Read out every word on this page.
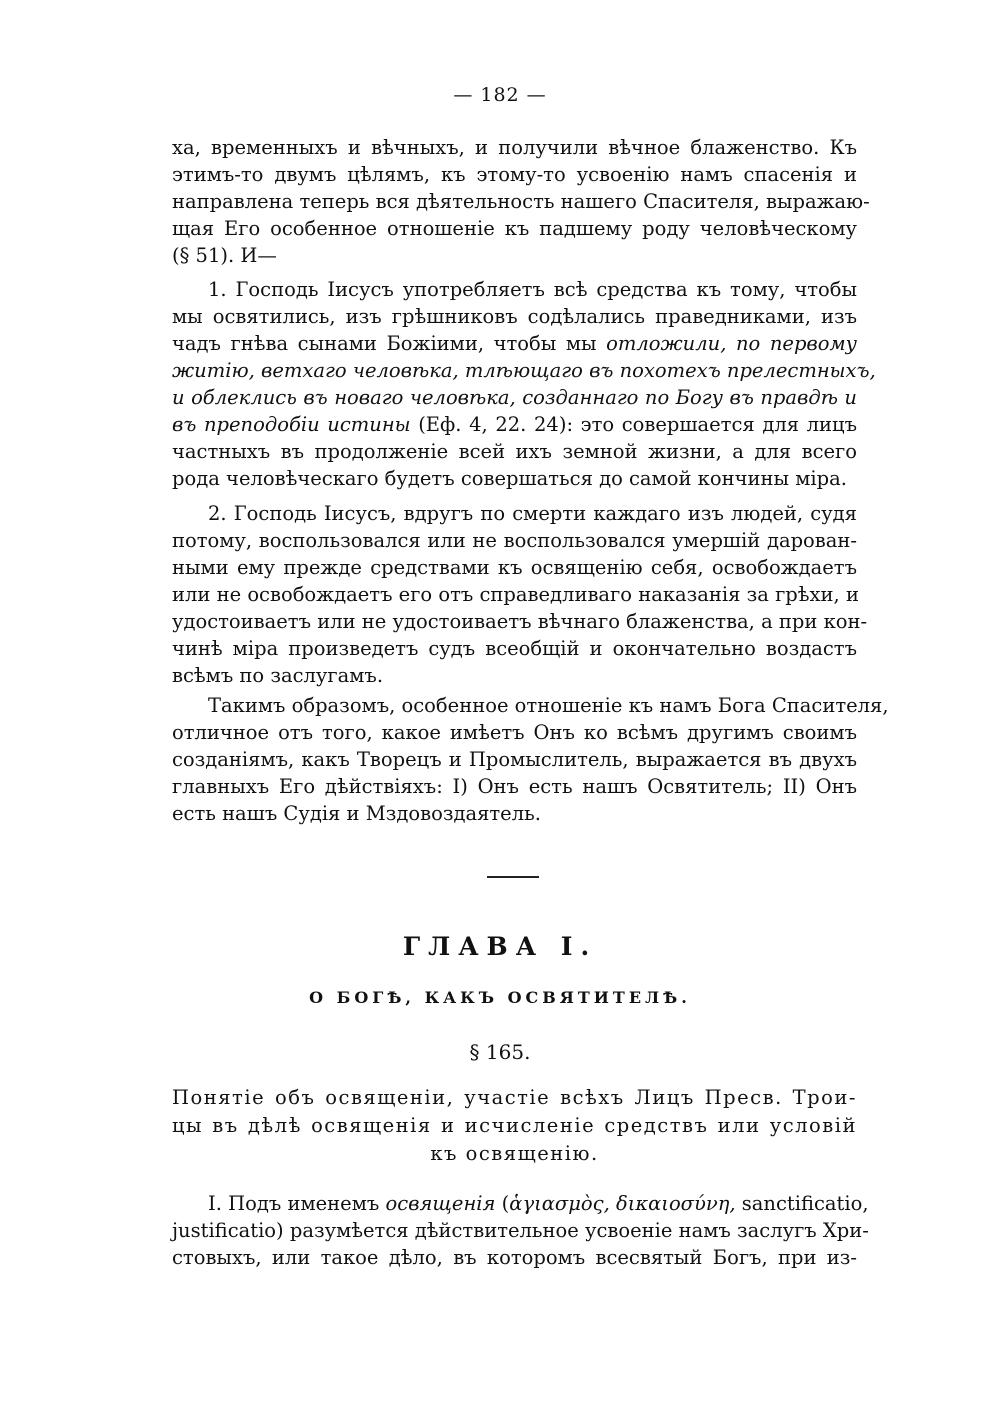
— 182 —
ха, временныхъ и вѣчныхъ, и получили вѣчное блаженство. Къ
этимъ-то двумъ цѣлямъ, къ этому-то усвоенію намъ спасенія и
направлена теперь вся дѣятельность нашего Спасителя, выражаю-
щая Его особенное отношеніе къ падшему роду человѣческому
(§ 51). И—
1. Господь Іисусъ употребляетъ всѣ средства къ тому, чтобы
мы освятились, изъ грѣшниковъ содѣлались праведниками, изъ
чадъ гнѣва сынами Божіими, чтобы мы отложили, по первому
житію, ветхаго человѣка, тлѣющаго въ похотехъ прелестныхъ,
и облеклись въ новаго человѣка, созданнаго по Богу въ правдѣ и
въ преподобіи истины (Еф. 4, 22. 24): это совершается для лицъ
частныхъ въ продолженіе всей ихъ земной жизни, а для всего
рода человѣческаго будетъ совершаться до самой кончины міра.
2. Господь Іисусъ, вдругъ по смерти каждаго изъ людей, судя
потому, воспользовался или не воспользовался умершій дарован-
ными ему прежде средствами къ освященію себя, освобождаетъ
или не освобождаетъ его отъ справедливаго наказанія за грѣхи, и
удостоиваетъ или не удостоиваетъ вѣчнаго блаженства, а при кон-
чинѣ міра произведетъ судъ всеобщій и окончательно воздастъ
всѣмъ по заслугамъ.
Такимъ образомъ, особенное отношеніе къ намъ Бога Спасителя,
отличное отъ того, какое имѣетъ Онъ ко всѣмъ другимъ своимъ
созданіямъ, какъ Творецъ и Промыслитель, выражается въ двухъ
главныхъ Его дѣйствіяхъ: I) Онъ есть нашъ Освятитель; II) Онъ
есть нашъ Судія и Мздовоздаятель.
ГЛАВА I.
О БОГѢ, КАКЪ ОСВЯТИТЕЛѢ.
§ 165.
Понятіе объ освященіи, участіе всѣхъ Лицъ Пресв. Трои-
цы въ дѣлѣ освященія и исчисленіе средствъ или условій
къ освященію.
I. Подъ именемъ освященія (ἁγιασμὸς, δικαιοσύνη, sanctificatio,
justificatio) разумѣется дѣйствительное усвоеніе намъ заслугъ Хри-
стовыхъ, или такое дѣло, въ которомъ всесвятый Богъ, при из-
